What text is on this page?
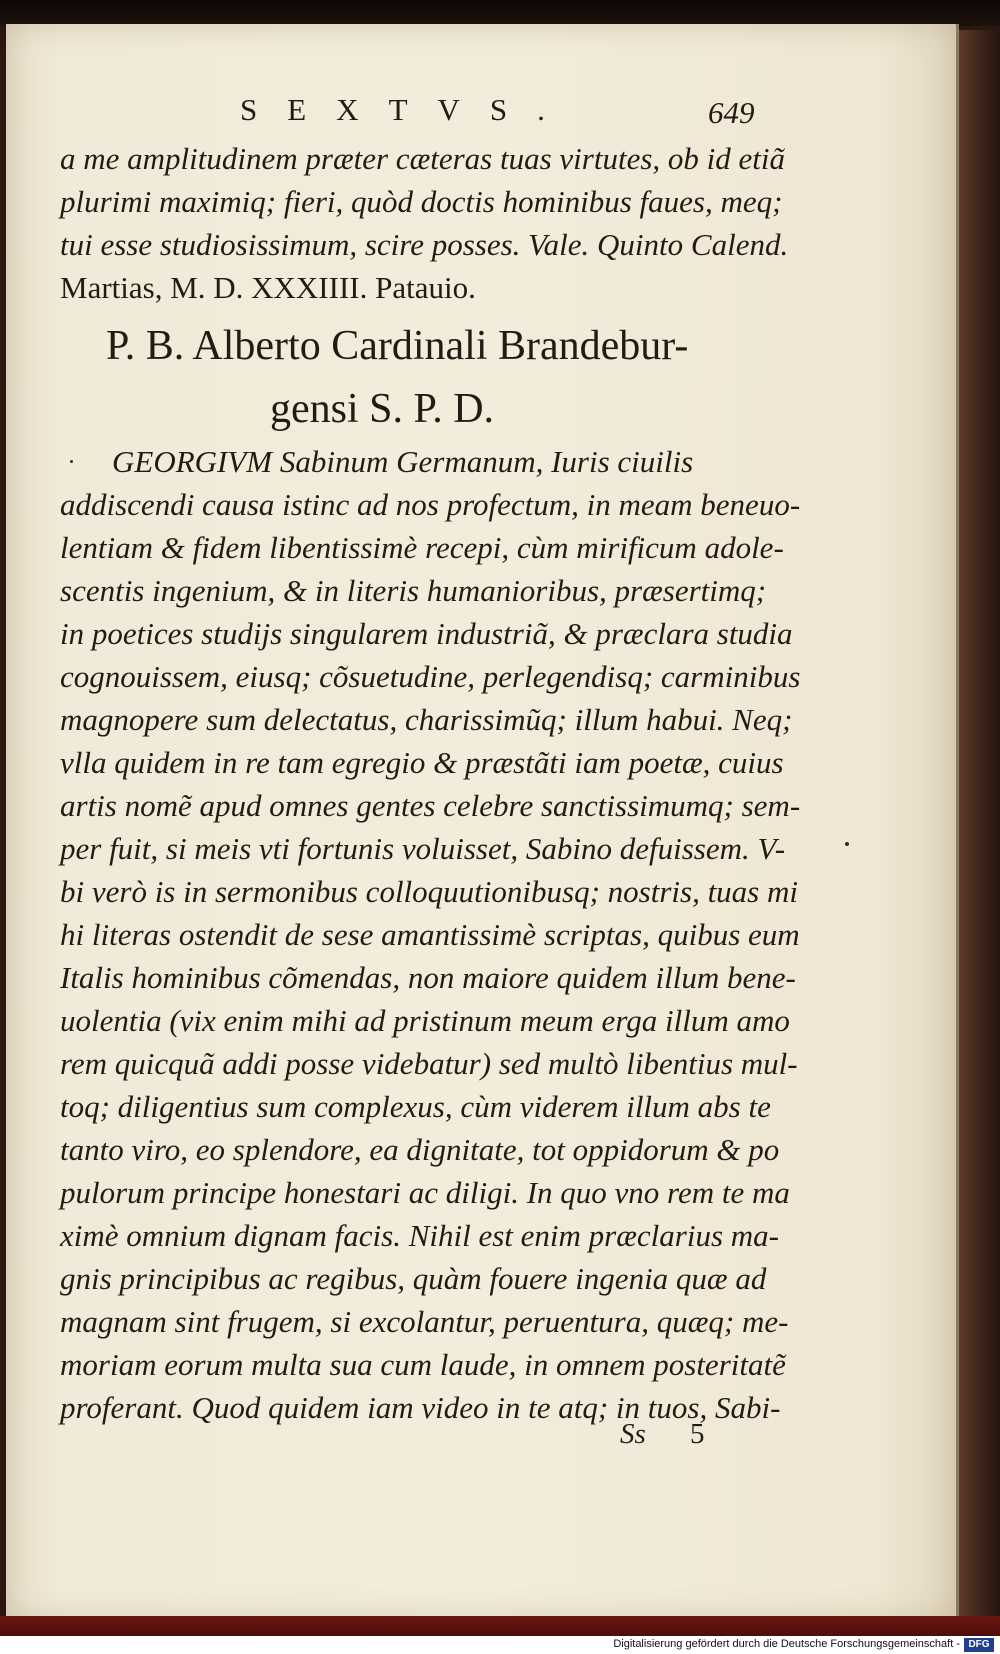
SEXTVS.	649
a me amplitudinem præter cæteras tuas virtutes, ob id etiã
plurimi maximiq; fieri, quòd doctis hominibus faues, meq;
tui esse studiosissimum, scire posses. Vale. Quinto Calend.
Martias, M. D. XXXIIII. Patauio.
P. B. Alberto Cardinali Brandebur-
gensi S. P. D.
GEORGIVM Sabinum Germanum, Iuris ciuilis
addiscendi causa istinc ad nos profectum, in meam beneuo-
lentiam & fidem libentissimè recepi, cùm mirificum adole-
scentis ingenium, & in literis humanioribus, præsertimq;
in poetices studijs singularem industriã, & præclara studia
cognouissem, eiusq; cõsuetudine, perlegendisq; carminibus
magnopere sum delectatus, charissimũq; illum habui. Neq;
vlla quidem in re tam egregio & præstãti iam poetæ, cuius
artis nomẽ apud omnes gentes celebre sanctissimumq; sem-
per fuit, si meis vti fortunis voluisset, Sabino defuissem. V-
bi verò is in sermonibus colloquutionibusq; nostris, tuas mi
hi literas ostendit de sese amantissimè scriptas, quibus eum
Italis hominibus cõmendas, non maiore quidem illum bene-
uolentia (vix enim mihi ad pristinum meum erga illum amo
rem quicquã addi posse videbatur) sed multò libentius mul-
toq; diligentius sum complexus, cùm viderem illum abs te
tanto viro, eo splendore, ea dignitate, tot oppidorum & po
pulorum principe honestari ac diligi. In quo vno rem te ma
ximè omnium dignam facis. Nihil est enim præclarius ma-
gnis principibus ac regibus, quàm fouere ingenia quæ ad
magnam sint frugem, si excolantur, peruentura, quæq; me-
moriam eorum multa sua cum laude, in omnem posteritatẽ
proferant. Quod quidem iam video in te atq; in tuos, Sabi-
Ss 5
Digitalisierung gefördert durch die Deutsche Forschungsgemeinschaft - DFG
